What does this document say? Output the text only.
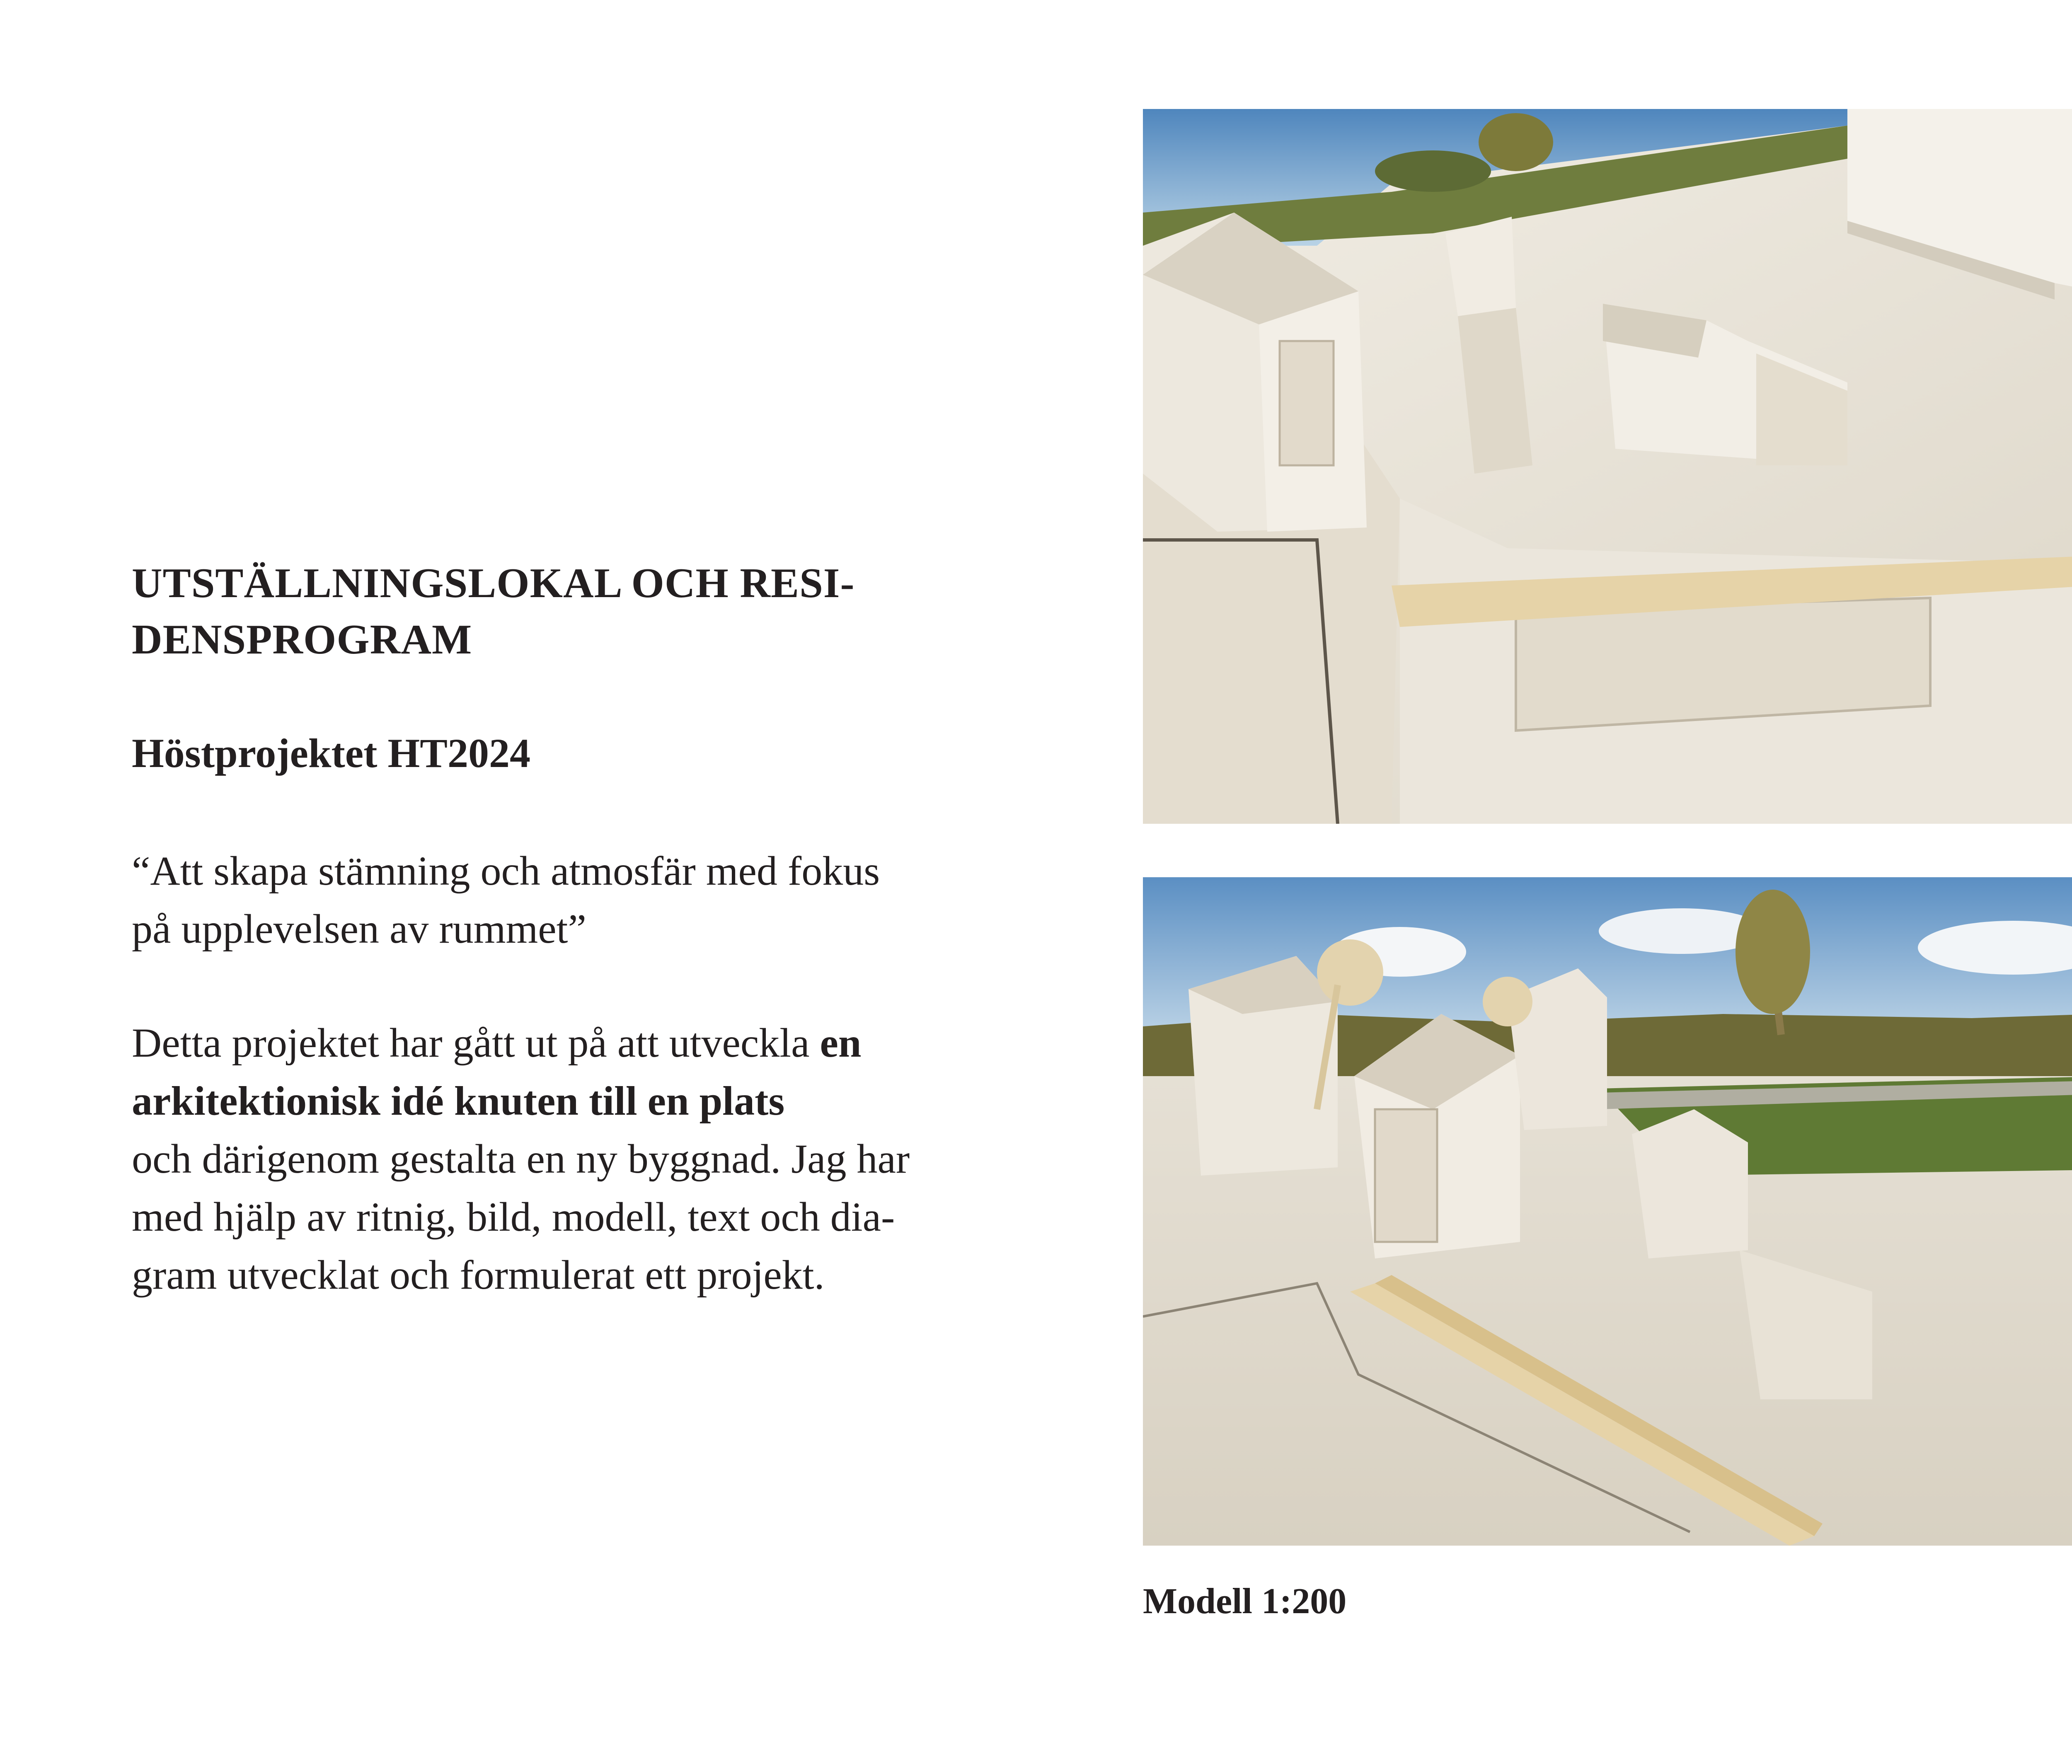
UTSTÄLLNINGSLOKAL OCH RESI-
DENSPROGRAM
Höstprojektet HT2024

“Att skapa stämning och atmosfär med fokus
på upplevelsen av rummet”

Detta projektet har gått ut på att utveckla en
arkitektionisk idé knuten till en plats
och därigenom gestalta en ny byggnad. Jag har
med hjälp av ritnig, bild, modell, text och dia-
gram utvecklat och formulerat ett projekt.

Modell 1:200
